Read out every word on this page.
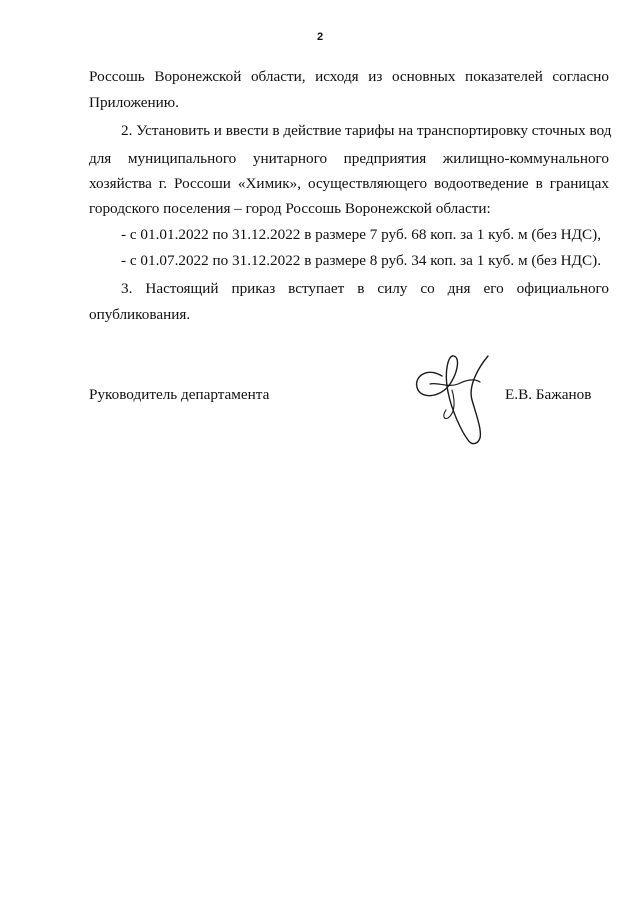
2
Россошь Воронежской области, исходя из основных показателей согласно
Приложению.
2. Установить и ввести в действие тарифы на транспортировку сточных вод
для муниципального унитарного предприятия жилищно-коммунального
хозяйства г. Россоши «Химик», осуществляющего водоотведение в границах
городского поселения – город Россошь Воронежской области:
- с 01.01.2022 по 31.12.2022 в размере 7 руб. 68 коп. за 1 куб. м (без НДС),
- с 01.07.2022 по 31.12.2022 в размере 8 руб. 34 коп. за 1 куб. м (без НДС).
3. Настоящий приказ вступает в силу со дня его официального
опубликования.
Руководитель департамента	Е.В. Бажанов
